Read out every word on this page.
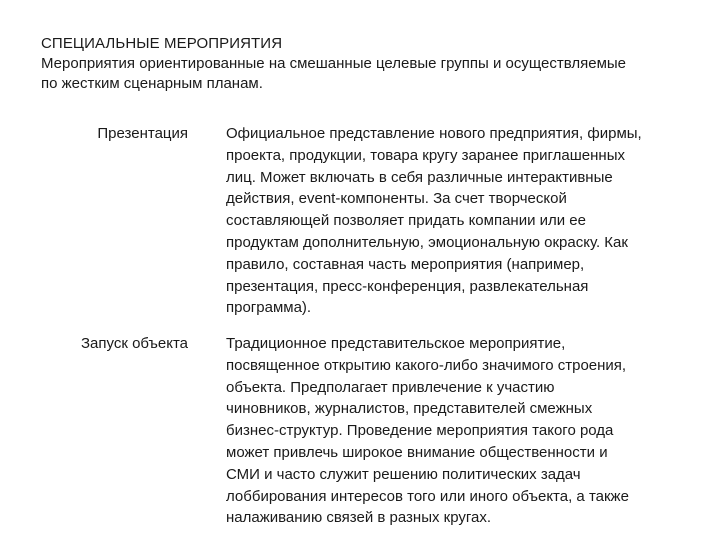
СПЕЦИАЛЬНЫЕ МЕРОПРИЯТИЯ
Мероприятия ориентированные на смешанные целевые группы и осуществляемые
по жестким сценарным планам.
Презентация	Официальное представление нового предприятия, фирмы,
проекта, продукции, товара кругу заранее приглашенных
лиц. Может включать в себя различные интерактивные
действия, event-компоненты. За счет творческой
составляющей позволяет придать компании или ее
продуктам дополнительную, эмоциональную окраску. Как
правило, составная часть мероприятия (например,
презентация, пресс-конференция, развлекательная
программа).
Запуск объекта	Традиционное представительское мероприятие,
посвященное открытию какого-либо значимого строения,
объекта. Предполагает привлечение к участию
чиновников, журналистов, представителей смежных
бизнес-структур. Проведение мероприятия такого рода
может привлечь широкое внимание общественности и
СМИ и часто служит решению политических задач
лоббирования интересов того или иного объекта, а также
налаживанию связей в разных кругах.
